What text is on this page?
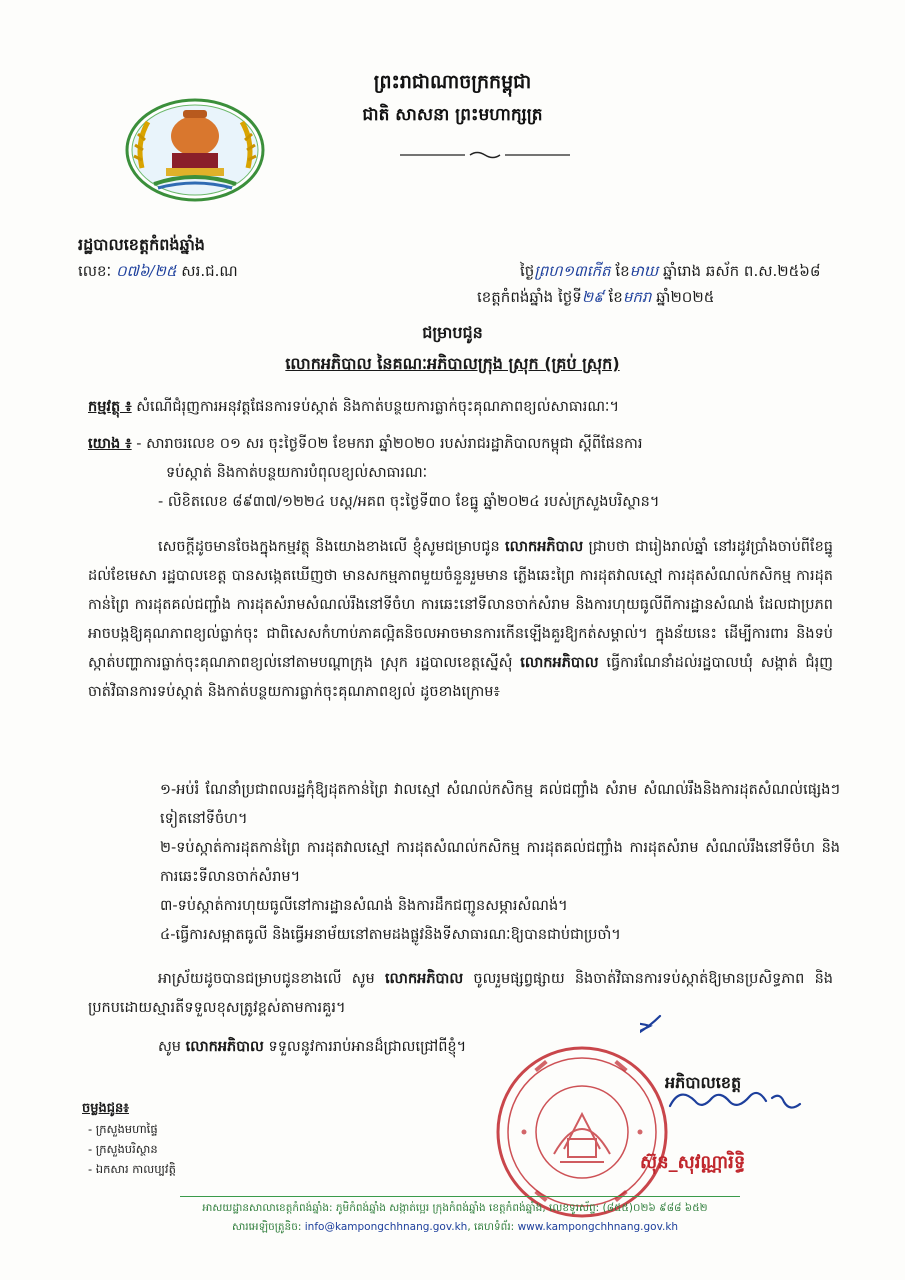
ព្រះរាជាណាចក្រកម្ពុជា
ជាតិ សាសនា ព្រះមហាក្សត្រ
រដ្ឋបាលខេត្តកំពង់ឆ្នាំង
លេខៈ ០៧៦/២៥ សរ.ជ.ណ	ថ្ងៃព្រហ១៣កើត ខែមាឃ ឆ្នាំរោង ឆស័ក ព.ស.២៥៦៨
ខេត្តកំពង់ឆ្នាំង ថ្ងៃទី២៩ ខែមករា ឆ្នាំ២០២៥
ជម្រាបជូន
លោកអភិបាល នៃគណៈអភិបាលក្រុង ស្រុក (គ្រប់ ស្រុក)
កម្មវត្ថុ ៖ សំណើជំរុញការអនុវត្តផែនការទប់ស្កាត់ និងកាត់បន្ថយការធ្លាក់ចុះគុណភាពខ្យល់សាធារណៈ។
យោង ៖ - សារាចរលេខ ០១ សរ ចុះថ្ងៃទី០២ ខែមករា ឆ្នាំ២០២០ របស់រាជរដ្ឋាភិបាលកម្ពុជា ស្តីពីផែនការ
ទប់ស្កាត់ និងកាត់បន្ថយការបំពុលខ្យល់សាធារណៈ
- លិខិតលេខ ៨៩៣៧/១២២៤ បស្ត/អគព ចុះថ្ងៃទី៣០ ខែធ្នូ ឆ្នាំ២០២៤ របស់ក្រសួងបរិស្ថាន។
សេចក្តីដូចមានចែងក្នុងកម្មវត្ថុ និងយោងខាងលើ ខ្ញុំសូមជម្រាបជូន លោកអភិបាល ជ្រាបថា ជារៀងរាល់ឆ្នាំ នៅរដូវប្រាំងចាប់ពីខែធ្នូ ដល់ខែមេសា រដ្ឋបាលខេត្ត បានសង្កេតឃើញថា មានសកម្មភាពមួយចំនួនរួមមាន ភ្លើងឆេះព្រៃ ការដុតវាលស្មៅ ការដុតសំណល់កសិកម្ម ការដុតកាន់ព្រៃ ការដុតគល់ជញ្ជាំង ការដុតសំរាមសំណល់រឹងនៅទីចំហ ការឆេះនៅទីលានចាក់សំរាម និងការហុយធូលីពីការដ្ឋានសំណង់ ដែលជាប្រភពអាចបង្កឱ្យគុណភាពខ្យល់ធ្លាក់ចុះ ជាពិសេសកំហាប់ភាគល្អិតនិចលអាចមានការកើនឡើងគួរឱ្យកត់សម្គាល់។ ក្នុងន័យនេះ ដើម្បីការពារ និងទប់ស្កាត់បញ្ហាការធ្លាក់ចុះគុណភាពខ្យល់នៅតាមបណ្តាក្រុង ស្រុក រដ្ឋបាលខេត្តស្នើសុំ លោកអភិបាល ធ្វើការណែនាំដល់រដ្ឋបាលឃុំ សង្កាត់ ជំរុញចាត់វិធានការទប់ស្កាត់ និងកាត់បន្ថយការធ្លាក់ចុះគុណភាពខ្យល់ ដូចខាងក្រោម៖
១-អប់រំ ណែនាំប្រជាពលរដ្ឋកុំឱ្យដុតកាន់ព្រៃ វាលស្មៅ សំណល់កសិកម្ម គល់ជញ្ជាំង សំរាម សំណល់រឹងនិងការដុតសំណល់ផ្សេងៗទៀតនៅទីចំហ។
២-ទប់ស្កាត់ការដុតកាន់ព្រៃ ការដុតវាលស្មៅ ការដុតសំណល់កសិកម្ម ការដុតគល់ជញ្ជាំង ការដុតសំរាម សំណល់រឹងនៅទីចំហ និងការឆេះទីលានចាក់សំរាម។
៣-ទប់ស្កាត់ការហុយធូលីនៅការដ្ឋានសំណង់ និងការដឹកជញ្ជូនសម្ភារសំណង់។
៤-ធ្វើការសម្អាតធូលី និងធ្វើអនាម័យនៅតាមដងផ្លូវនិងទីសាធារណៈឱ្យបានជាប់ជាប្រចាំ។
អាស្រ័យដូចបានជម្រាបជូនខាងលើ សូម លោកអភិបាល ចូលរួមផ្សព្វផ្សាយ និងចាត់វិធានការទប់ស្កាត់ឱ្យមានប្រសិទ្ធភាព និងប្រកបដោយស្មារតីទទួលខុសត្រូវខ្ពស់តាមការគួរ។
សូម លោកអភិបាល ទទួលនូវការរាប់អានដ៏ជ្រាលជ្រៅពីខ្ញុំ។
អភិបាលខេត្ត
ស៊ុន_សុវណ្ណារិទ្ធិ
ចម្លងជូន៖
- ក្រសួងមហាផ្ទៃ
- ក្រសួងបរិស្ថាន
- ឯកសារ កាលប្បវត្តិ
អាសយដ្ឋានសាលាខេត្តកំពង់ឆ្នាំង: ភូមិកំពង់ឆ្នាំង សង្កាត់ប្អេរ ក្រុងកំពង់ឆ្នាំង ខេត្តកំពង់ឆ្នាំង, លេខទូរស័ព្ទ: (៨៥៥)០២៦ ៩៨៨ ៦៥២
សារអេឡិចត្រូនិច: info@kampongchhnang.gov.kh, គេហទំព័រ: www.kampongchhnang.gov.kh
